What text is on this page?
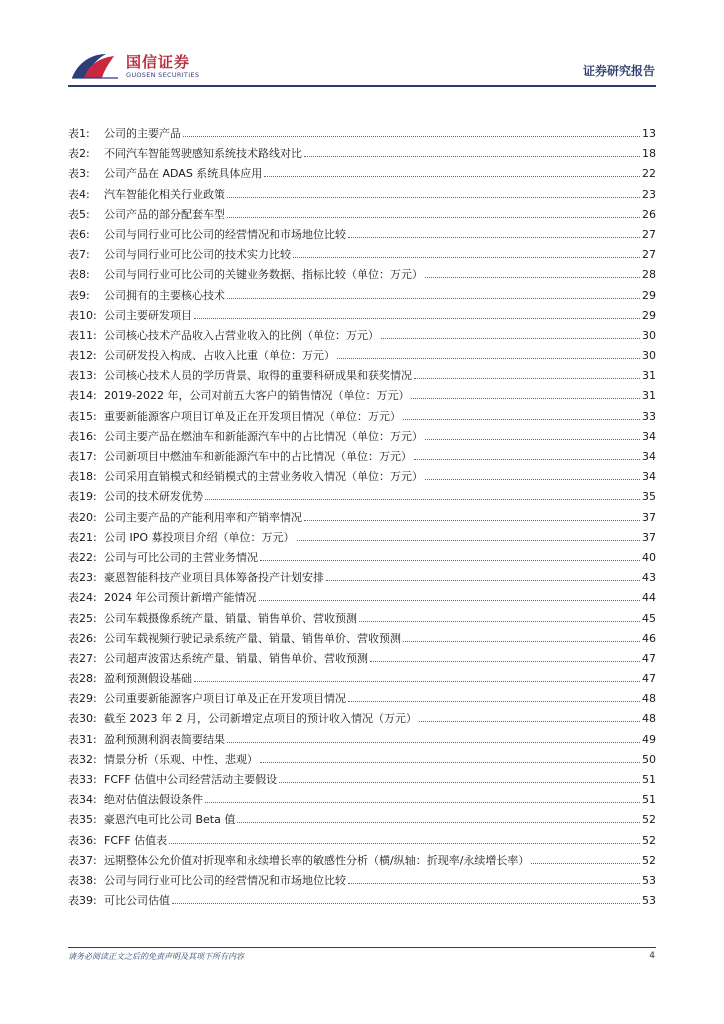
国信证券
GUOSEN SECURITIES	证券研究报告
表1:	公司的主要产品	13
表2:	不同汽车智能驾驶感知系统技术路线对比	18
表3:	公司产品在 ADAS 系统具体应用	22
表4:	汽车智能化相关行业政策	23
表5:	公司产品的部分配套车型	26
表6:	公司与同行业可比公司的经营情况和市场地位比较	27
表7:	公司与同行业可比公司的技术实力比较	27
表8:	公司与同行业可比公司的关键业务数据、指标比较（单位：万元）	28
表9:	公司拥有的主要核心技术	29
表10: 公司主要研发项目	29
表11: 公司核心技术产品收入占营业收入的比例（单位：万元）	30
表12: 公司研发投入构成、占收入比重（单位：万元）	30
表13: 公司核心技术人员的学历背景、取得的重要科研成果和获奖情况	31
表14: 2019-2022 年，公司对前五大客户的销售情况（单位：万元）	31
表15: 重要新能源客户项目订单及正在开发项目情况（单位：万元）	33
表16: 公司主要产品在燃油车和新能源汽车中的占比情况（单位：万元）	34
表17: 公司新项目中燃油车和新能源汽车中的占比情况（单位：万元）	34
表18: 公司采用直销模式和经销模式的主营业务收入情况（单位：万元）	34
表19: 公司的技术研发优势	35
表20: 公司主要产品的产能利用率和产销率情况	37
表21: 公司 IPO 募投项目介绍（单位：万元）	37
表22: 公司与可比公司的主营业务情况	40
表23: 豪恩智能科技产业项目具体筹备投产计划安排	43
表24: 2024 年公司预计新增产能情况	44
表25: 公司车载摄像系统产量、销量、销售单价、营收预测	45
表26: 公司车载视频行驶记录系统产量、销量、销售单价、营收预测	46
表27: 公司超声波雷达系统产量、销量、销售单价、营收预测	47
表28: 盈利预测假设基础	47
表29: 公司重要新能源客户项目订单及正在开发项目情况	48
表30: 截至 2023 年 2 月，公司新增定点项目的预计收入情况（万元）	48
表31: 盈利预测利润表简要结果	49
表32: 情景分析（乐观、中性、悲观）	50
表33: FCFF 估值中公司经营活动主要假设	51
表34: 绝对估值法假设条件	51
表35: 豪恩汽电可比公司 Beta 值	52
表36: FCFF 估值表	52
表37: 远期整体公允价值对折现率和永续增长率的敏感性分析（横/纵轴：折现率/永续增长率）	52
表38: 公司与同行业可比公司的经营情况和市场地位比较	53
表39: 可比公司估值	53
请务必阅读正文之后的免责声明及其项下所有内容	4
